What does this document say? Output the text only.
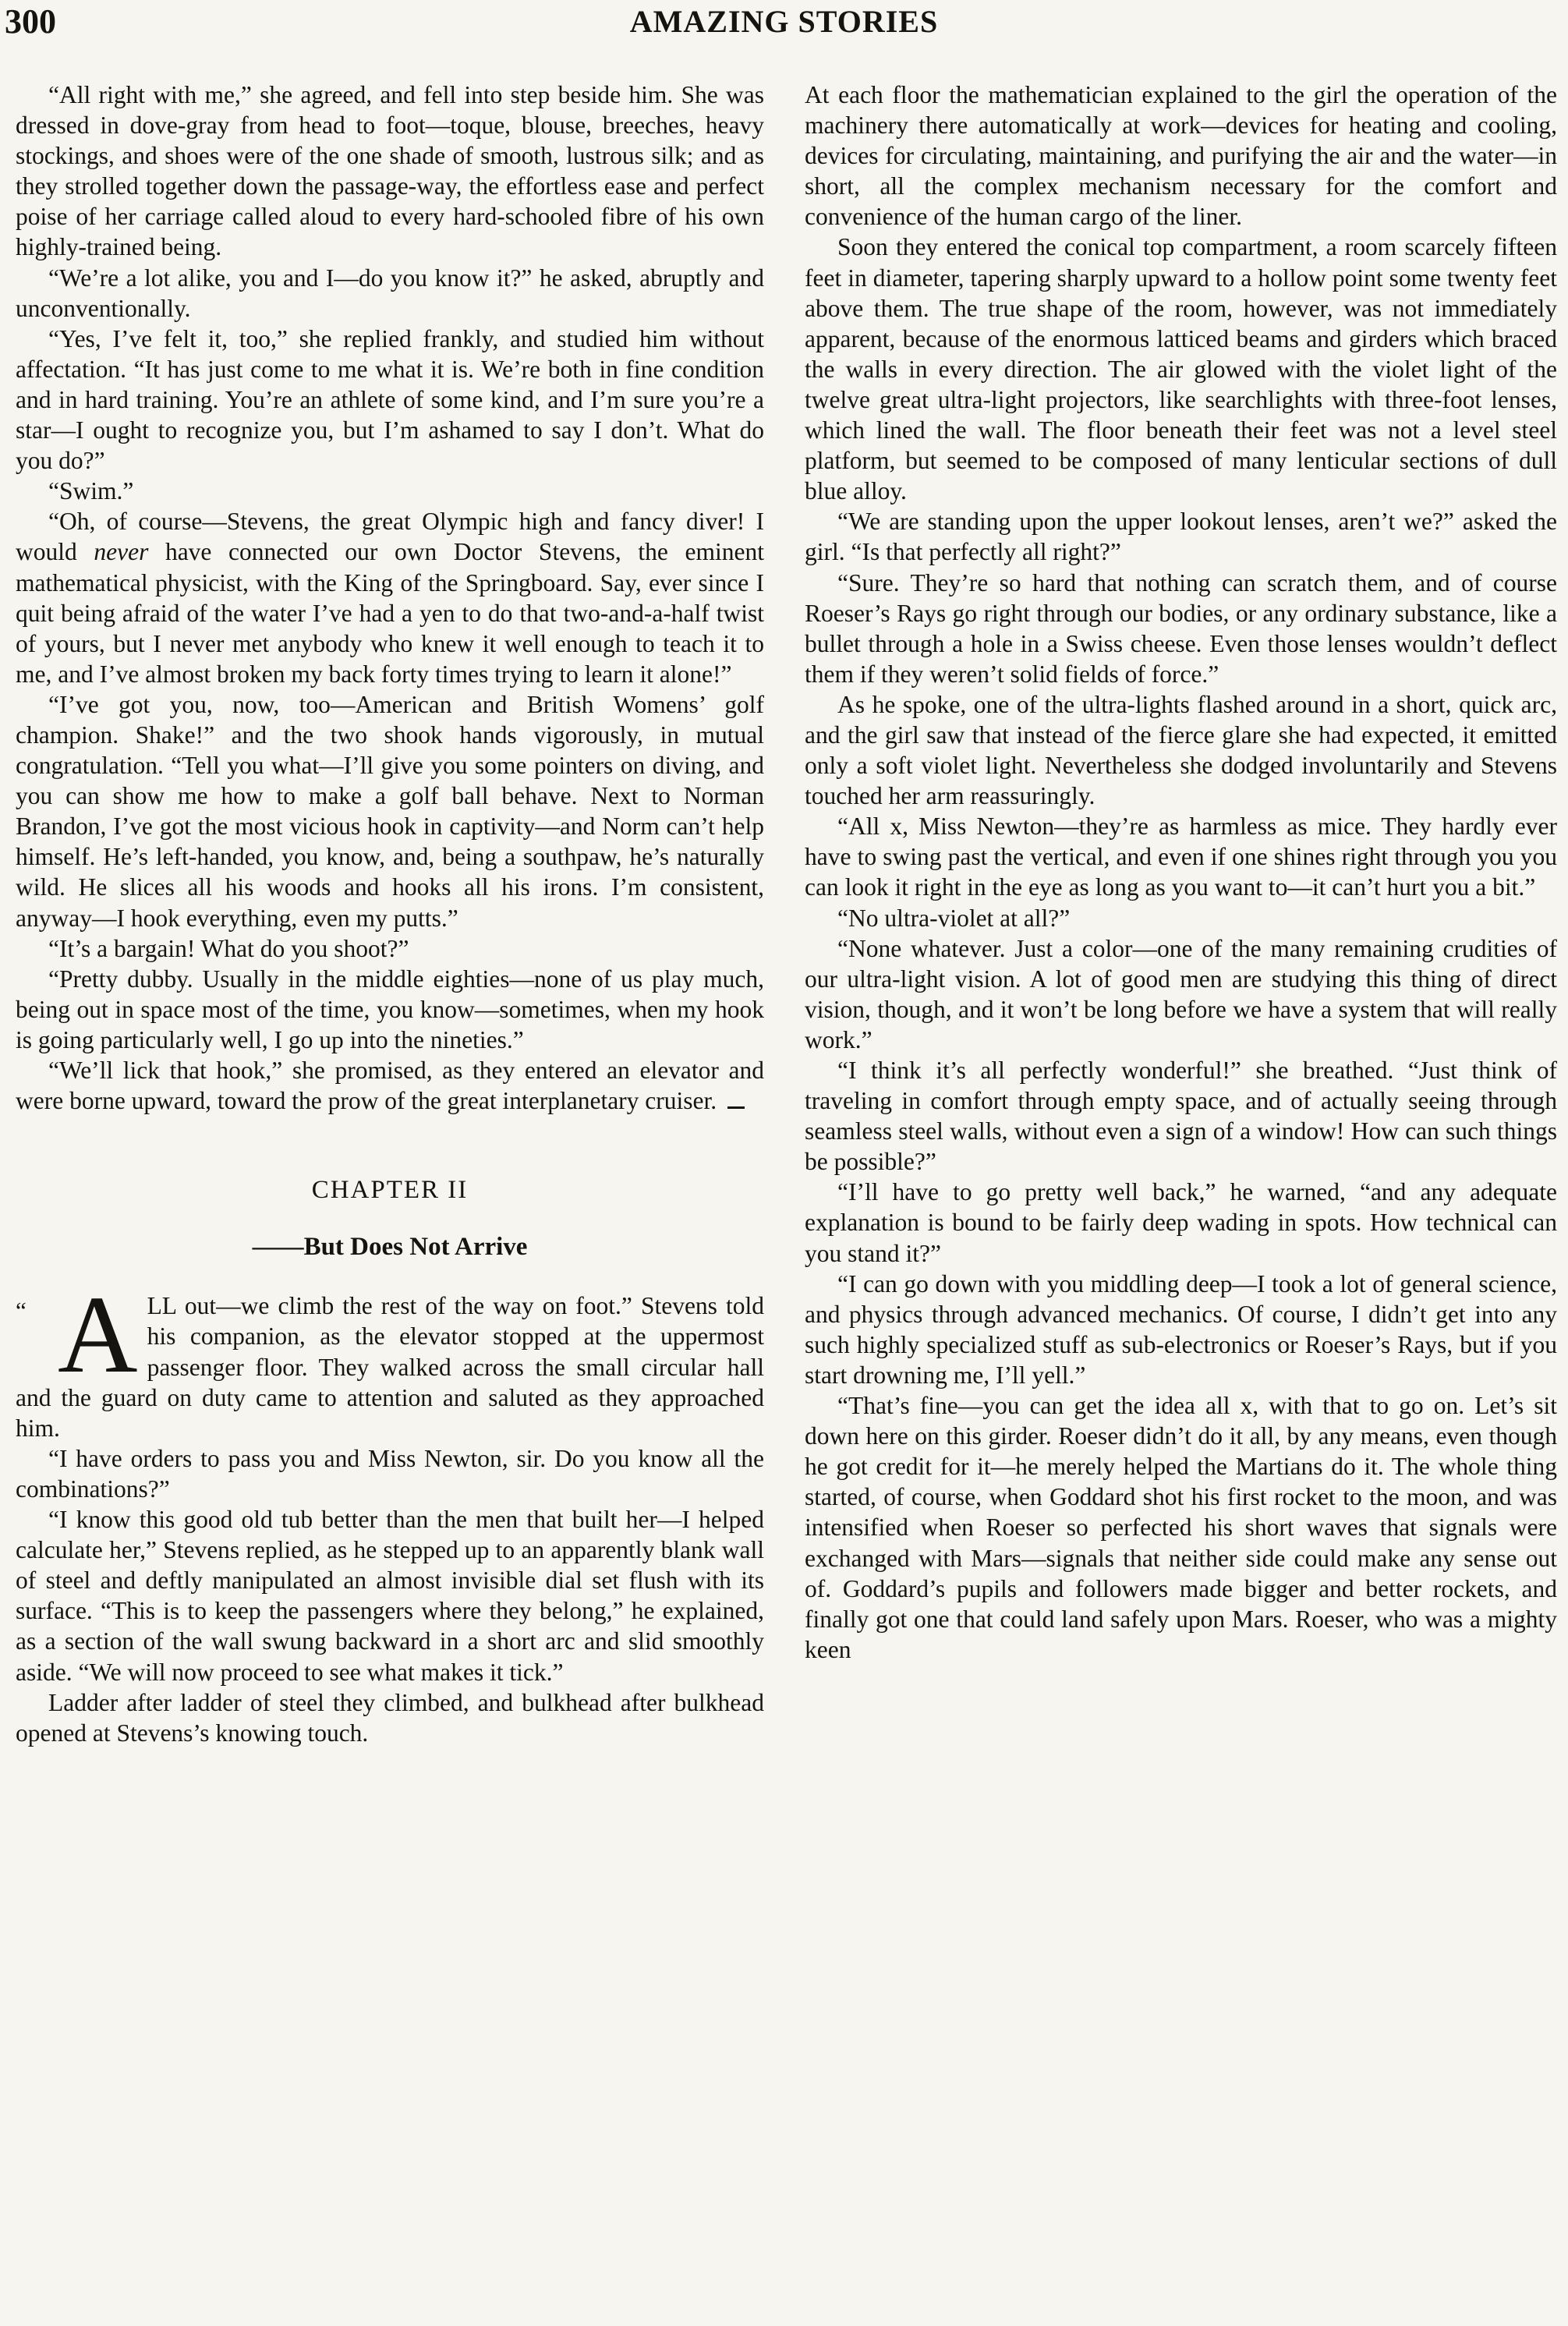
300	AMAZING STORIES

“All right with me,” she agreed, and fell into step beside him. She was dressed in dove-gray from head to foot—toque, blouse, breeches, heavy stockings, and shoes were of the one shade of smooth, lustrous silk; and as they strolled together down the passage-way, the effortless ease and perfect poise of her carriage called aloud to every hard-schooled fibre of his own highly-trained being.

“We’re a lot alike, you and I—do you know it?” he asked, abruptly and unconventionally.

“Yes, I’ve felt it, too,” she replied frankly, and studied him without affectation. “It has just come to me what it is. We’re both in fine condition and in hard training. You’re an athlete of some kind, and I’m sure you’re a star—I ought to recognize you, but I’m ashamed to say I don’t. What do you do?”

“Swim.”

“Oh, of course—Stevens, the great Olympic high and fancy diver! I would never have connected our own Doctor Stevens, the eminent mathematical physicist, with the King of the Springboard. Say, ever since I quit being afraid of the water I’ve had a yen to do that two-and-a-half twist of yours, but I never met anybody who knew it well enough to teach it to me, and I’ve almost broken my back forty times trying to learn it alone!”

“I’ve got you, now, too—American and British Womens’ golf champion. Shake!” and the two shook hands vigorously, in mutual congratulation. “Tell you what—I’ll give you some pointers on diving, and you can show me how to make a golf ball behave. Next to Norman Brandon, I’ve got the most vicious hook in captivity—and Norm can’t help himself. He’s left-handed, you know, and, being a southpaw, he’s naturally wild. He slices all his woods and hooks all his irons. I’m consistent, anyway—I hook everything, even my putts.”

“It’s a bargain! What do you shoot?”

“Pretty dubby. Usually in the middle eighties—none of us play much, being out in space most of the time, you know—sometimes, when my hook is going particularly well, I go up into the nineties.”

“We’ll lick that hook,” she promised, as they entered an elevator and were borne upward, toward the prow of the great interplanetary cruiser.

CHAPTER II
——But Does Not Arrive

“ A LL out—we climb the rest of the way on foot.” Stevens told his companion, as the elevator stopped at the uppermost passenger floor. They walked across the small circular hall and the guard on duty came to attention and saluted as they approached him.

“I have orders to pass you and Miss Newton, sir. Do you know all the combinations?”

“I know this good old tub better than the men that built her—I helped calculate her,” Stevens replied, as he stepped up to an apparently blank wall of steel and deftly manipulated an almost invisible dial set flush with its surface. “This is to keep the passengers where they belong,” he explained, as a section of the wall swung backward in a short arc and slid smoothly aside. “We will now proceed to see what makes it tick.”

Ladder after ladder of steel they climbed, and bulkhead after bulkhead opened at Stevens’s knowing touch.

At each floor the mathematician explained to the girl the operation of the machinery there automatically at work—devices for heating and cooling, devices for circulating, maintaining, and purifying the air and the water—in short, all the complex mechanism necessary for the comfort and convenience of the human cargo of the liner.

Soon they entered the conical top compartment, a room scarcely fifteen feet in diameter, tapering sharply upward to a hollow point some twenty feet above them. The true shape of the room, however, was not immediately apparent, because of the enormous latticed beams and girders which braced the walls in every direction. The air glowed with the violet light of the twelve great ultra-light projectors, like searchlights with three-foot lenses, which lined the wall. The floor beneath their feet was not a level steel platform, but seemed to be composed of many lenticular sections of dull blue alloy.

“We are standing upon the upper lookout lenses, aren’t we?” asked the girl. “Is that perfectly all right?”

“Sure. They’re so hard that nothing can scratch them, and of course Roeser’s Rays go right through our bodies, or any ordinary substance, like a bullet through a hole in a Swiss cheese. Even those lenses wouldn’t deflect them if they weren’t solid fields of force.”

As he spoke, one of the ultra-lights flashed around in a short, quick arc, and the girl saw that instead of the fierce glare she had expected, it emitted only a soft violet light. Nevertheless she dodged involuntarily and Stevens touched her arm reassuringly.

“All x, Miss Newton—they’re as harmless as mice. They hardly ever have to swing past the vertical, and even if one shines right through you you can look it right in the eye as long as you want to—it can’t hurt you a bit.”

“No ultra-violet at all?”

“None whatever. Just a color—one of the many remaining crudities of our ultra-light vision. A lot of good men are studying this thing of direct vision, though, and it won’t be long before we have a system that will really work.”

“I think it’s all perfectly wonderful!” she breathed. “Just think of traveling in comfort through empty space, and of actually seeing through seamless steel walls, without even a sign of a window! How can such things be possible?”

“I’ll have to go pretty well back,” he warned, “and any adequate explanation is bound to be fairly deep wading in spots. How technical can you stand it?”

“I can go down with you middling deep—I took a lot of general science, and physics through advanced mechanics. Of course, I didn’t get into any such highly specialized stuff as sub-electronics or Roeser’s Rays, but if you start drowning me, I’ll yell.”

“That’s fine—you can get the idea all x, with that to go on. Let’s sit down here on this girder. Roeser didn’t do it all, by any means, even though he got credit for it—he merely helped the Martians do it. The whole thing started, of course, when Goddard shot his first rocket to the moon, and was intensified when Roeser so perfected his short waves that signals were exchanged with Mars—signals that neither side could make any sense out of. Goddard’s pupils and followers made bigger and better rockets, and finally got one that could land safely upon Mars. Roeser, who was a mighty keen
